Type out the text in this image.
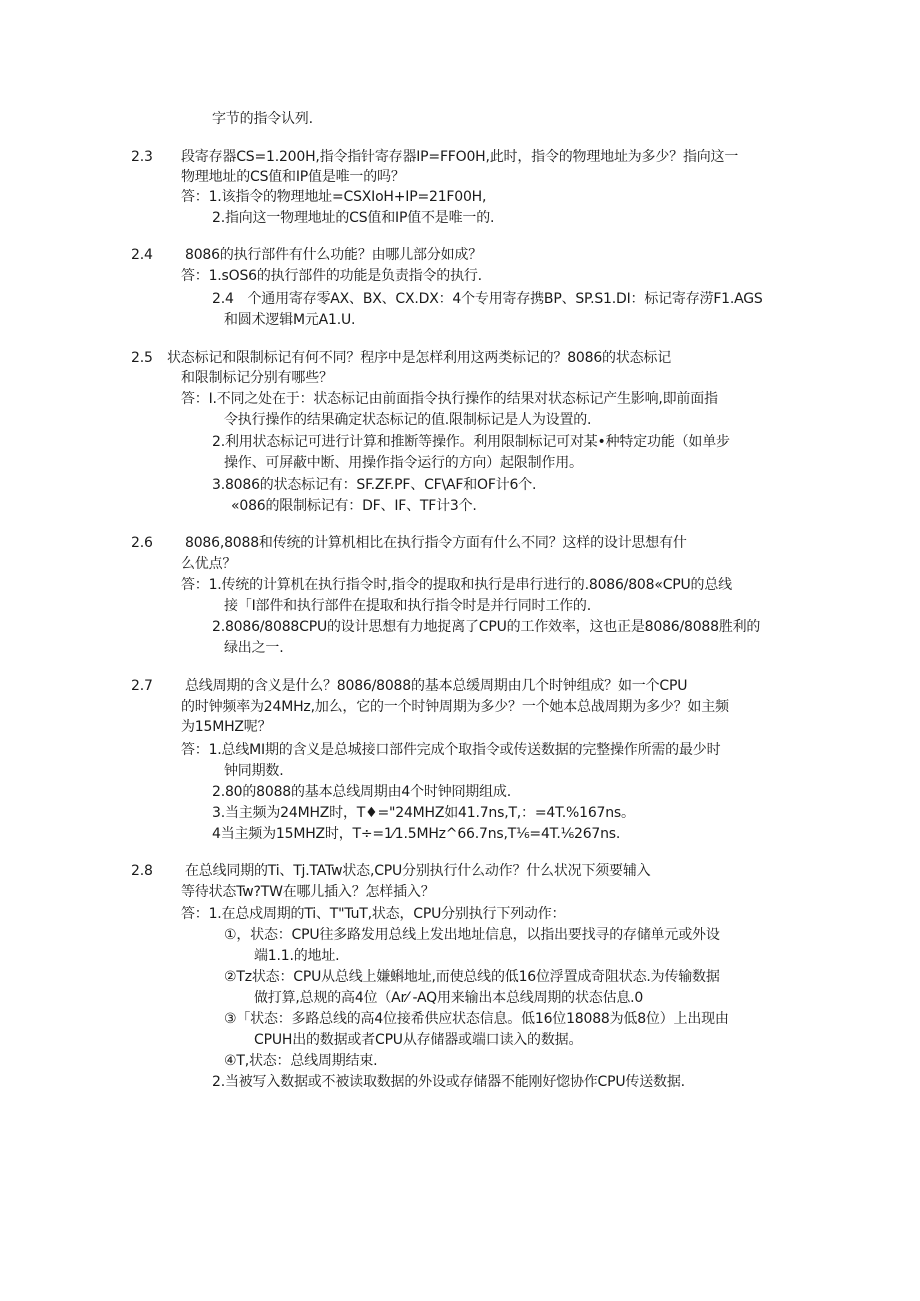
字节的指令认列.
2.3 段寄存器CS=1.200H,指令指针寄存器IP=FFO0H,此时，指令的物理地址为多少？指向这一
物理地址的CS值和IP值是唯一的吗？
答：1.该指令的物理地址=CSXIoH+IP=21F00H,
2.指向这一物理地址的CS值和IP值不是唯一的.
2.4 8086的执行部件有什么功能？由哪儿部分如成？
答：1.sOS6的执行部件的功能是负责指令的执行.
2.4　个通用寄存零AX、BX、CX.DX：4个专用寄存携BP、SP.S1.DI：标记寄存涝F1.AGS
和圆术逻辑M元A1.U.
2.5 状态标记和限制标记有何不同？程序中是怎样利用这两类标记的？8086的状态标记
和限制标记分别有哪些？
答：I.不同之处在于：状态标记由前面指令执行操作的结果对状态标记产生影响,即前面指
令执行操作的结果确定状态标记的值.限制标记是人为设置的.
2.利用状态标记可进行计算和推断等操作。利用限制标记可对某•种特定功能（如单步
操作、可屏蔽中断、用操作指令运行的方向）起限制作用。
3.8086的状态标记有：SF.ZF.PF、CF\AF和OF计6个.
«086的限制标记有：DF、IF、TF计3个.
2.6 8086,8088和传统的计算机相比在执行指令方面有什么不同？这样的设计思想有什
么优点？
答：1.传统的计算机在执行指令时,指令的提取和执行是串行进行的.8086/808«CPU的总线
接「I部件和执行部件在提取和执行指令时是并行同时工作的.
2.8086/8088CPU的设计思想有力地捉离了CPU的工作效率，这也正是8086/8088胜利的
绿出之一.
2.7 总线周期的含义是什么？8086/8088的基本总缓周期由几个时钟组成？如一个CPU
的时钟频率为24MHz,加么，它的一个时钟周期为多少？一个她本总战周期为多少？如主频
为15MHZ呢？
答：1.总线MI期的含义是总城接口部件完成个取指令或传送数据的完整操作所需的最少时
钟同期数.
2.80的8088的基本总线周期由4个时钟冏期组成.
3.当主频为24MHZ时，T♦="24MHZ如41.7ns,T,：=4T.%167ns。
4当主频为15MHZ时，T÷=1⁄1.5MHz^66.7ns,T⅙=4T.⅙267ns.
2.8 在总线同期的Ti、Tj.TATw状态,CPU分别执行什么动作？什么状况下须要辅入
等待状态Tw?TW在哪儿插入？怎样插入？
答：1.在总戍周期的Ti、T"TuT,状态，CPU分别执行下列动作：
①，状态：CPU往多路发用总线上发出地址信息，以指出要找寻的存储单元或外设
端1.1.的地址.
②Tz状态：CPU从总线上嫌蝌地址,而使总线的低16位浮置成奇阻状态.为传输数据
做打算,总规的高4位（Ar⁄ -AQ用来输出本总线周期的状态估息.0
③「状态：多路总线的高4位接希供应状态信息。低16位18088为低8位）上出现由
CPUH出的数据或者CPU从存储器或端口读入的数据。
④T,状态：总线周期结束.
2.当被写入数据或不被读取数据的外设或存储器不能刚好惚协作CPU传送数据.
